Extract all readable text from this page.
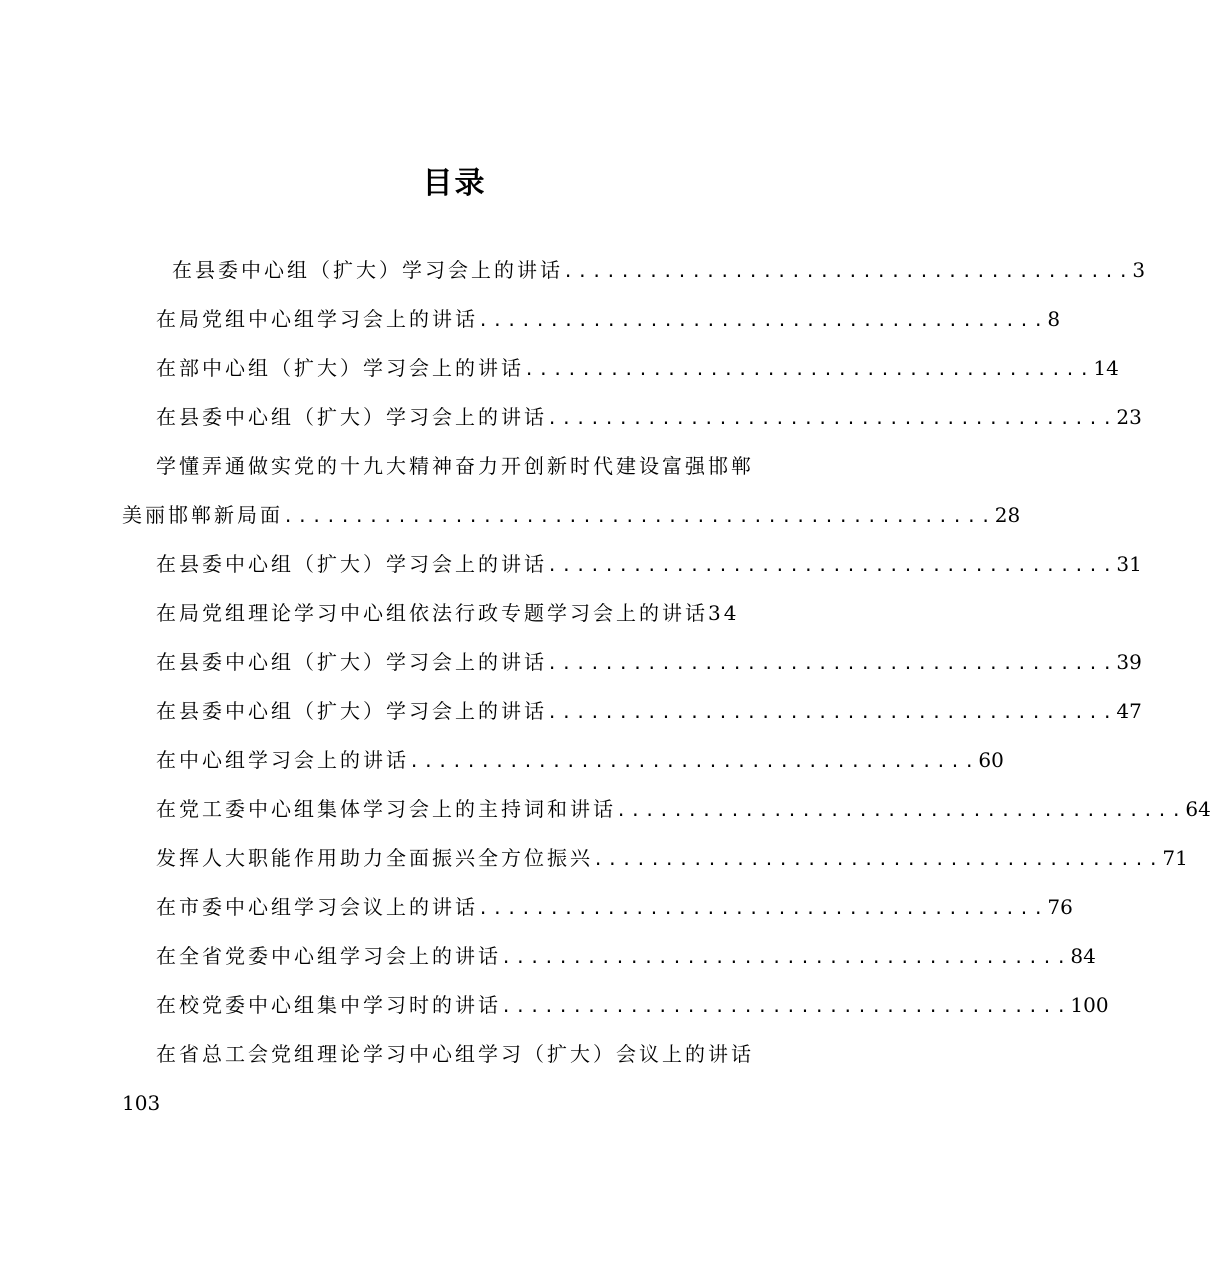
目录
在县委中心组（扩大）学习会上的讲话 ........................................ 3
在局党组中心组学习会上的讲话 ........................................ 8
在部中心组（扩大）学习会上的讲话 ........................................ 14
在县委中心组（扩大）学习会上的讲话 ........................................ 23
学懂弄通做实党的十九大精神奋力开创新时代建设富强邯郸
美丽邯郸新局面 .................................................. 28
在县委中心组（扩大）学习会上的讲话 ........................................ 31
在局党组理论学习中心组依法行政专题学习会上的讲话34
在县委中心组（扩大）学习会上的讲话 ........................................ 39
在县委中心组（扩大）学习会上的讲话 ........................................ 47
在中心组学习会上的讲话 ........................................ 60
在党工委中心组集体学习会上的主持词和讲话 ........................................ 64
发挥人大职能作用助力全面振兴全方位振兴 ........................................ 71
在市委中心组学习会议上的讲话 ........................................ 76
在全省党委中心组学习会上的讲话 ........................................ 84
在校党委中心组集中学习时的讲话 ........................................ 100
在省总工会党组理论学习中心组学习（扩大）会议上的讲话
103
